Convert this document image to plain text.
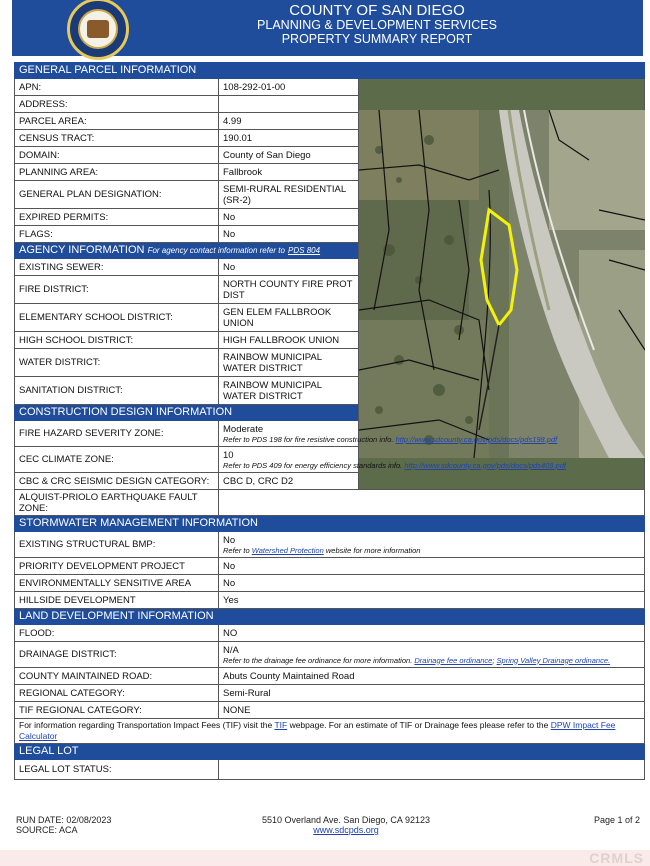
COUNTY OF SAN DIEGO
PLANNING & DEVELOPMENT SERVICES
PROPERTY SUMMARY REPORT
GENERAL PARCEL INFORMATION		
APN:	108-292-01-00	

ADDRESS:		
PARCEL AREA:	4.99	
CENSUS TRACT:	190.01	
DOMAIN:	County of San Diego	
PLANNING AREA:	Fallbrook	
GENERAL PLAN DESIGNATION:	SEMI-RURAL RESIDENTIAL (SR-2)	
EXPIRED PERMITS:	No	
FLAGS:	No	
AGENCY INFORMATION For agency contact information refer to PDS 804		
EXISTING SEWER:	No	
FIRE DISTRICT:	NORTH COUNTY FIRE PROT DIST	
ELEMENTARY SCHOOL DISTRICT:	GEN ELEM FALLBROOK UNION	
HIGH SCHOOL DISTRICT:	HIGH FALLBROOK UNION	
WATER DISTRICT:	RAINBOW MUNICIPAL WATER DISTRICT	
SANITATION DISTRICT:	RAINBOW MUNICIPAL WATER DISTRICT	
CONSTRUCTION DESIGN INFORMATION		
FIRE HAZARD SEVERITY ZONE:	Moderate
Refer to PDS 198 for fire resistive construction info. http://www.sdcounty.ca.gov/pds/docs/pds198.pdf	

CEC CLIMATE ZONE:	10
Refer to PDS 409 for energy efficiency standards info. http://www.sdcounty.ca.gov/pds/docs/pds409.pdf	

CBC & CRC SEISMIC DESIGN CATEGORY:	CBC D, CRC D2	
ALQUIST-PRIOLO EARTHQUAKE FAULT ZONE:		
STORMWATER MANAGEMENT INFORMATION		
EXISTING STRUCTURAL BMP:	No
Refer to Watershed Protection website for more information	

PRIORITY DEVELOPMENT PROJECT	No	
ENVIRONMENTALLY SENSITIVE AREA	No	
HILLSIDE DEVELOPMENT	Yes	
LAND DEVELOPMENT INFORMATION		
FLOOD:	NO	
DRAINAGE DISTRICT:	N/A
Refer to the drainage fee ordinance for more information. Drainage fee ordinance; Spring Valley Drainage ordinance.	

COUNTY MAINTAINED ROAD:	Abuts County Maintained Road	
REGIONAL CATEGORY:	Semi-Rural	
TIF REGIONAL CATEGORY:	NONE	
For information regarding Transportation Impact Fees (TIF) visit the TIF webpage. For an estimate of TIF or Drainage fees please refer to the DPW Impact Fee Calculator		
LEGAL LOT		
LEGAL LOT STATUS:		
RUN DATE: 02/08/2023
SOURCE: ACA
5510 Overland Ave. San Diego, CA 92123
www.sdcpds.org
Page 1 of 2
CRMLS
